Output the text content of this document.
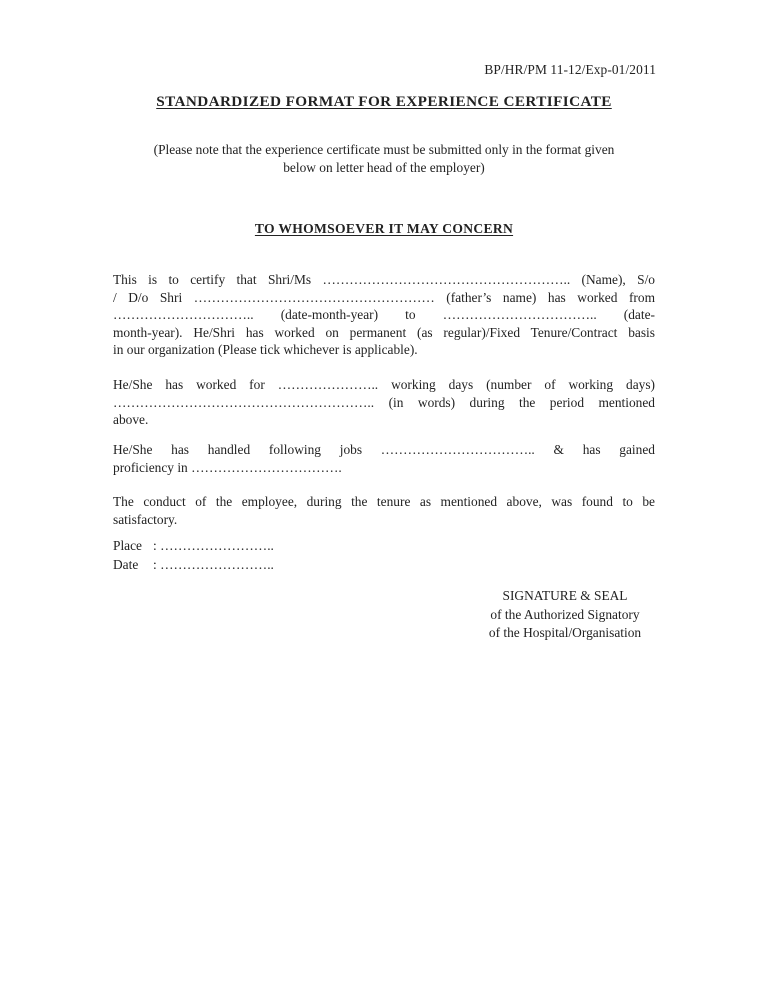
BP/HR/PM 11-12/Exp-01/2011
STANDARDIZED FORMAT FOR EXPERIENCE CERTIFICATE
(Please note that the experience certificate must be submitted only in the format given
below on letter head of the employer)
TO WHOMSOEVER IT MAY CONCERN
This is to certify that Shri/Ms ……………………………………………….. (Name), S/o
/ D/o Shri ……………………………………………… (father’s name) has worked from
………………………….. (date-month-year) to …………………………….. (date-
month-year). He/Shri has worked on permanent (as regular)/Fixed Tenure/Contract basis
in our organization (Please tick whichever is applicable).
He/She has worked for ………………….. working days (number of working days)
………………………………………………….. (in words) during the period mentioned
above.
He/She has handled following jobs …………………………….. & has gained
proficiency in …………………………….
The conduct of the employee, during the tenure as mentioned above, was found to be
satisfactory.
Place : ……………………..
Date	: ……………………..
SIGNATURE & SEAL
of the Authorized Signatory
of the Hospital/Organisation
